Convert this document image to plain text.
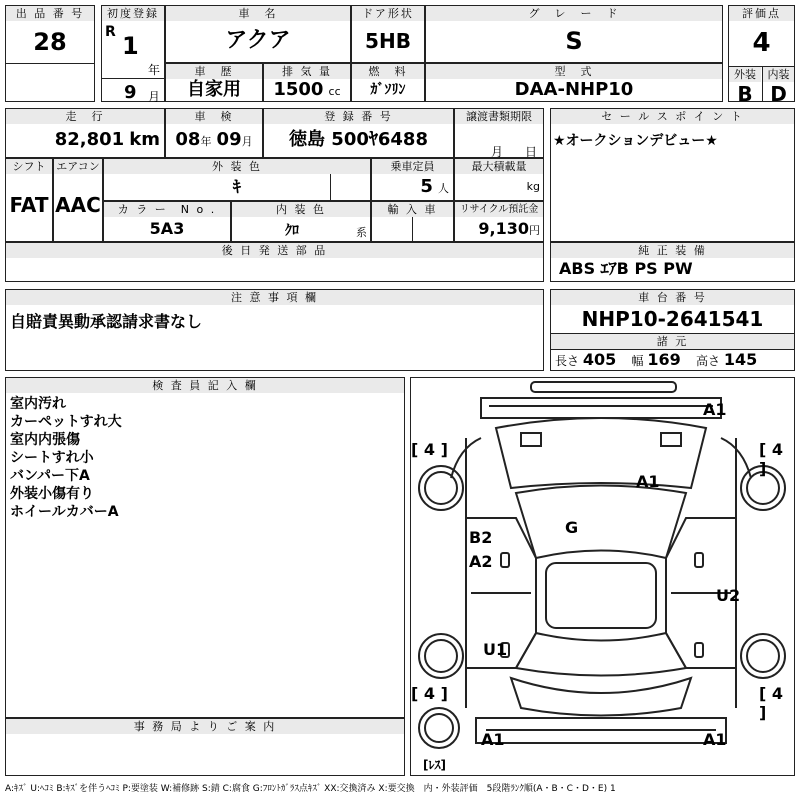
出 品 番 号
28
初度登録
R 1
年
9 月
車　名
アクア
ドア形状
5HB
グ　レ　ー　ド
S
評価点
4
外装	内装
B D
車　歴
自家用
排 気 量
1500 cc
燃　料
ｶﾞｿﾘﾝ
型　式
DAA-NHP10
走　行
82,801 km
車　検
08年 09月
登 録 番 号
徳島 500ﾔ6488
譲渡書類期限
月 日
セ ー ル ス ポ イ ン ト
★オークションデビュー★
シフト
FAT
エアコン
AAC
外 装 色
ｷ
乗車定員
5 人
最大積載量
kg
カ ラ ー　N o .
5A3
内 装 色
ｸﾛ	系
輸 入 車	リサイクル預託金
9,130円
後 日 発 送 部 品	純 正 装 備
ABS ｴｱB PS PW
注 意 事 項 欄
自賠責異動承認請求書なし
車 台 番 号
NHP10-2641541
諸 元
長さ 405 幅 169 高さ 145
検 査 員 記 入 欄
室内汚れ
カーペットすれ大
室内内張傷
シートすれ小
バンパー下A
外装小傷有り
ホイールカバーA
事 務 局 よ り ご 案 内
[ 4 ]	[ 4 ]
[ 4 ]	[ 4 ]
A1
A1
G
B2
A2
U2
U1
A1	A1
[ﾚｽ]
A:ｷｽﾞ U:ﾍｺﾐ B:ｷｽﾞを伴うﾍｺﾐ P:要塗装 W:補修跡 S:錆 C:腐食 G:ﾌﾛﾝﾄｶﾞﾗｽ点ｷｽﾞ XX:交換済み X:要交換　内・外装評価　5段階ﾗﾝｸ順(A・B・C・D・E) 1
